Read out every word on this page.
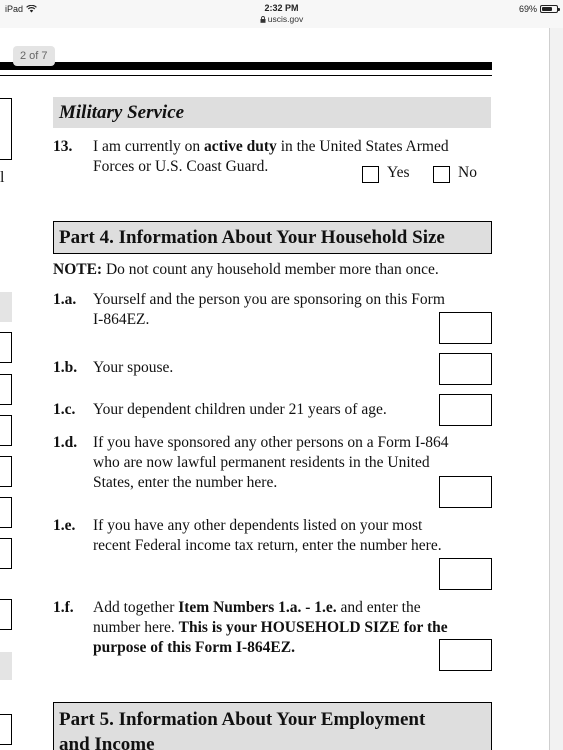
iPad	2:32 PM
uscis.gov
69%
2 of 7
l
Military Service
13. I am currently on active duty in the United States Armed
Forces or U.S. Coast Guard.	Yes	No
Part 4. Information About Your Household Size
NOTE: Do not count any household member more than once.
1.a. Yourself and the person you are sponsoring on this Form
I-864EZ.
1.b. Your spouse.
1.c. Your dependent children under 21 years of age.
1.d. If you have sponsored any other persons on a Form I-864
who are now lawful permanent residents in the United
States, enter the number here.
1.e. If you have any other dependents listed on your most
recent Federal income tax return, enter the number here.
1.f. Add together Item Numbers 1.a. - 1.e. and enter the
number here. This is your HOUSEHOLD SIZE for the
purpose of this Form I-864EZ.
Part 5. Information About Your Employment
and Income
